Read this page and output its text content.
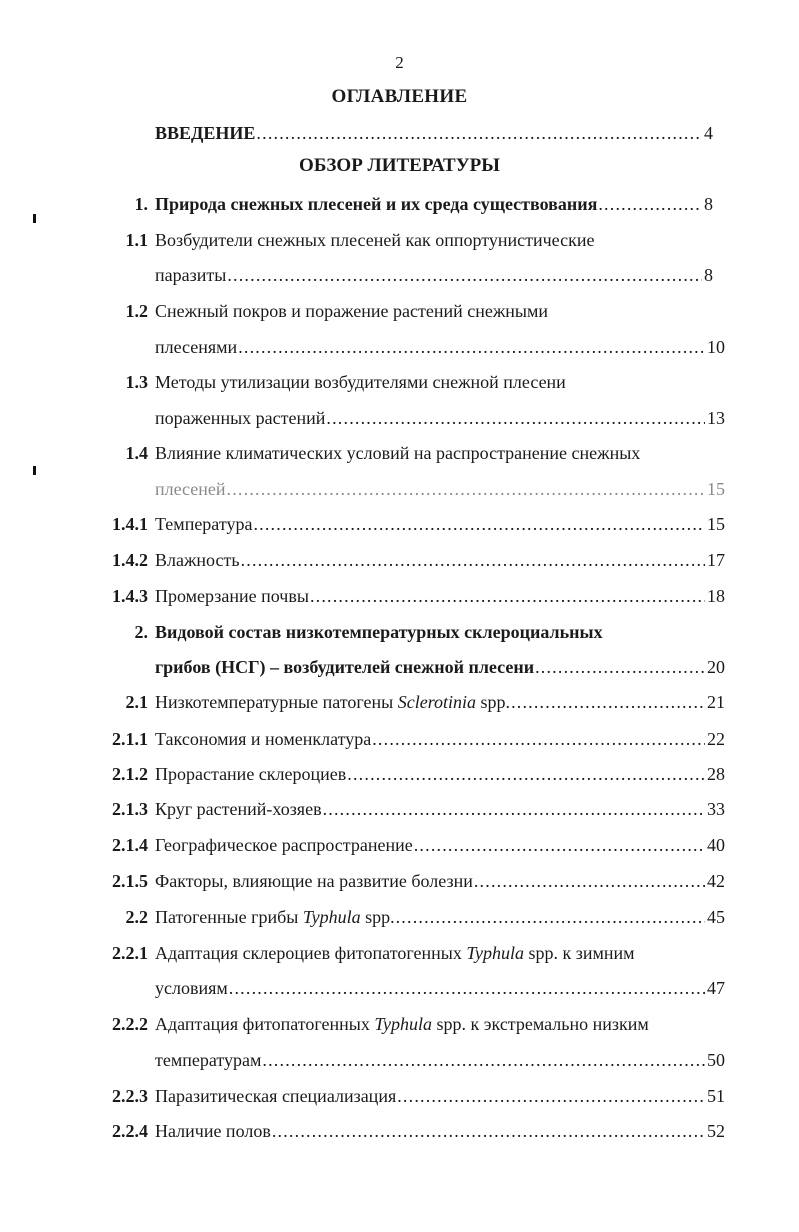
2
ОГЛАВЛЕНИЕ
ВВЕДЕНИЕ .....	4
ОБЗОР ЛИТЕРАТУРЫ
1. Природа снежных плесеней и их среда существования .....	8
1.1 Возбудители снежных плесеней как оппортунистические
паразиты .....	8
1.2 Снежный покров и поражение растений снежными
плесенями .....	10
1.3 Методы утилизации возбудителями снежной плесени
пораженных растений .....	13
1.4 Влияние климатических условий на распространение снежных
плесеней .....	15
1.4.1 Температура .....	15
1.4.2 Влажность .....	17
1.4.3 Промерзание почвы .....	18
2. Видовой состав низкотемпературных склероциальных
грибов (НСГ) – возбудителей снежной плесени .....	20
2.1 Низкотемпературные патогены Sclerotinia spp. .....	21
2.1.1 Таксономия и номенклатура .....	22
2.1.2 Прорастание склероциев .....	28
2.1.3 Круг растений-хозяев .....	33
2.1.4 Географическое распространение .....	40
2.1.5 Факторы, влияющие на развитие болезни .....	42
2.2 Патогенные грибы Typhula spp. .....	45
2.2.1 Адаптация склероциев фитопатогенных Typhula spp. к зимним
условиям .....	47
2.2.2 Адаптация фитопатогенных Typhula spp. к экстремально низким
температурам .....	50
2.2.3 Паразитическая специализация .....	51
2.2.4 Наличие полов .....	52
